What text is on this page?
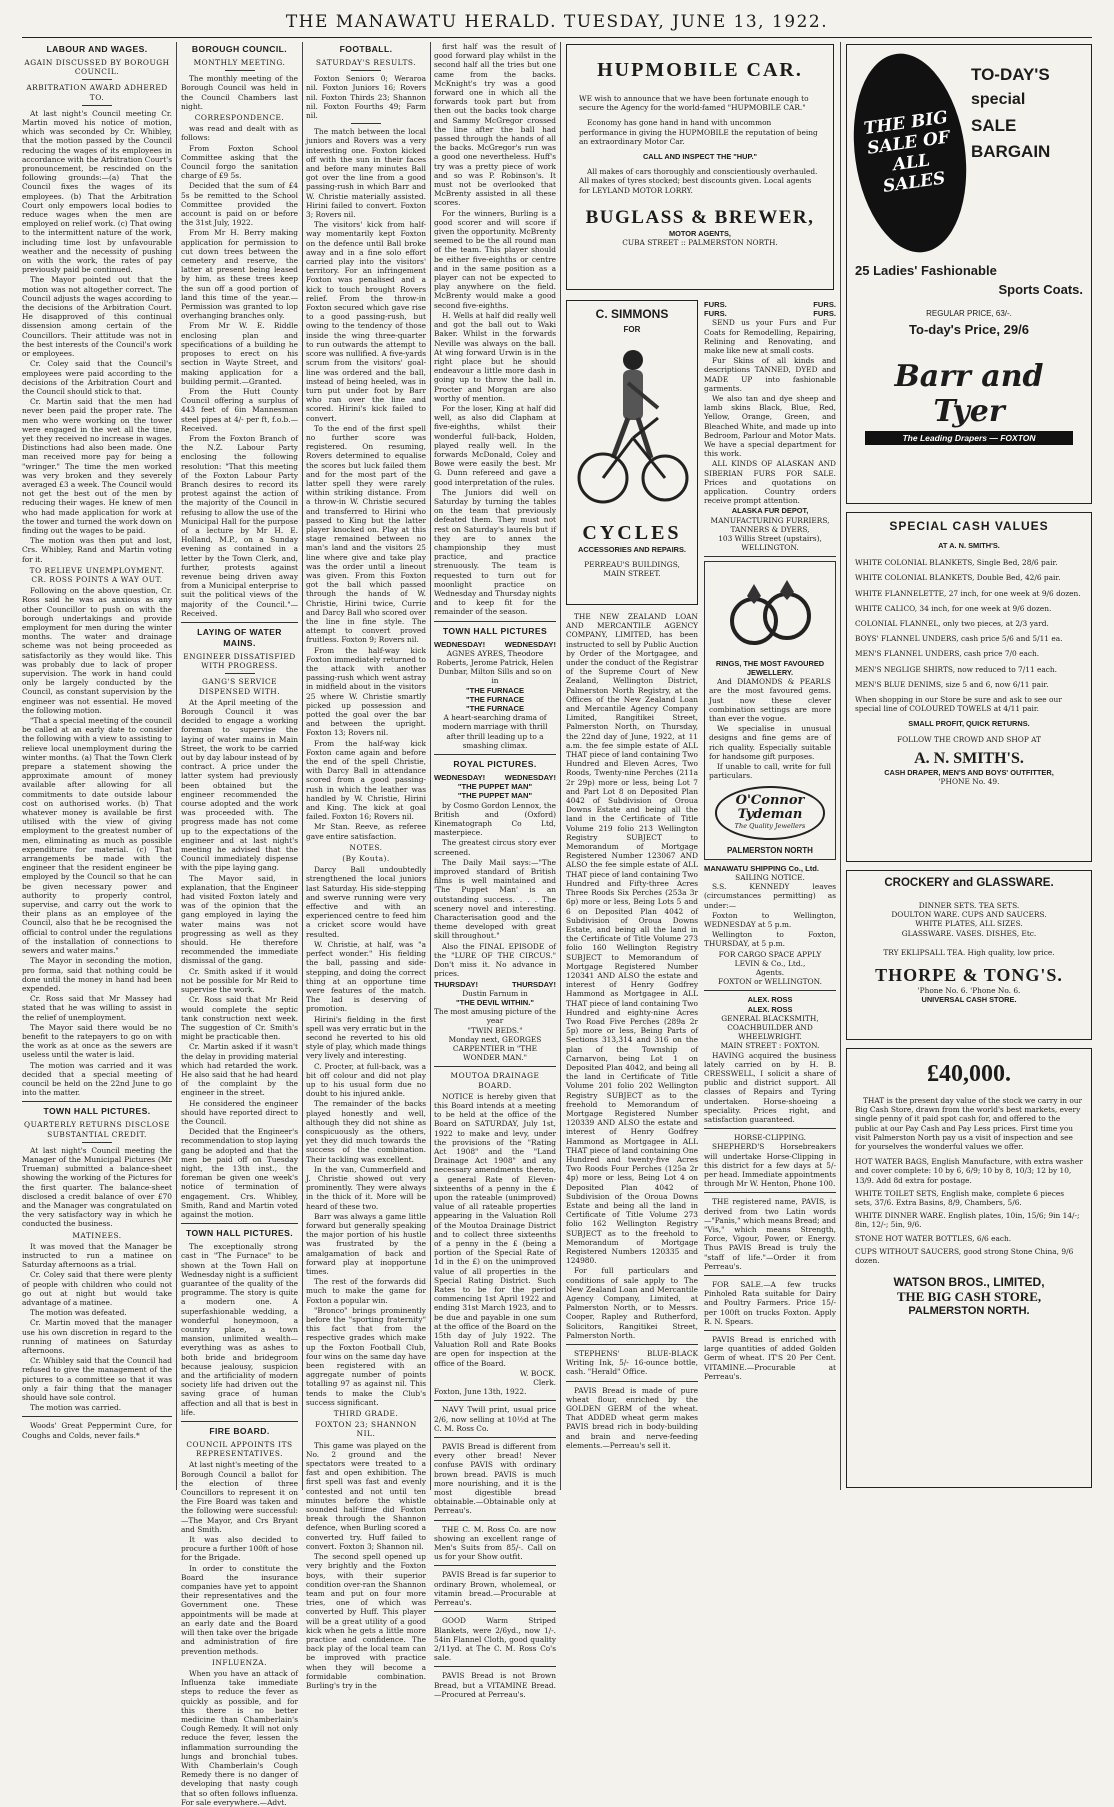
THE MANAWATU HERALD. TUESDAY, JUNE 13, 1922.
LABOUR AND WAGES.
AGAIN DISCUSSED BY BOROUGH COUNCIL.
ARBITRATION AWARD ADHERED TO.

At last night's Council meeting Cr. Martin moved his notice of motion, which was seconded by Cr. Whibley, that the motion passed by the Council reducing the wages of its employees in accordance with the Arbitration Court's pronouncement, be rescinded on the following grounds:—(a) That the Council fixes the wages of its employees. (b) That the Arbitration Court only empowers local bodies to reduce wages when the men are employed on relief work. (c) That owing to the intermittent nature of the work, including time lost by unfavourable weather and the necessity of pushing on with the work, the rates of pay previously paid be continued.

The Mayor pointed out that the motion was not altogether correct. The Council adjusts the wages according to the decisions of the Arbitration Court. He disapproved of this continual dissension among certain of the Councillors. Their attitude was not in the best interests of the Council's work or employees.

Cr. Coley said that the Council's employees were paid according to the decisions of the Arbitration Court and the Council should stick to that.

Cr. Martin said that the men had never been paid the proper rate. The men who were working on the tower were engaged in the wet all the time, yet they received no increase in wages. Distinctions had also been made. One man received more pay for being a "wringer." The time the men worked was very broken and they severely averaged £3 a week. The Council would not get the best out of the men by reducing their wages. He knew of men who had made application for work at the tower and turned the work down on finding out the wages to be paid.

The motion was then put and lost, Crs. Whibley, Rand and Martin voting for it.

TO RELIEVE UNEMPLOYMENT. CR. ROSS POINTS A WAY OUT.

Following on the above question, Cr. Ross said he was as anxious as any other Councillor to push on with the borough undertakings and provide employment for men during the winter months. The water and drainage scheme was not being proceeded as satisfactorily as they would like. This was probably due to lack of proper supervision. The work in hand could only be largely conducted by the Council, as constant supervision by the engineer was not essential. He moved the following motion.

"That a special meeting of the council be called at an early date to consider the following with a view to assisting to relieve local unemployment during the winter months. (a) That the Town Clerk prepare a statement showing the approximate amount of money available after allowing for all commitments to date outside labour cost on authorised works. (b) That whatever money is available be first utilised with the view of giving employment to the greatest number of men, eliminating as much as possible expenditure for material. (c) That arrangements be made with the engineer that the resident engineer be employed by the Council so that he can be given necessary power and authority to properly control, supervise, and carry out the work to their plans as an employee of the Council, also that he be recognised the official to control under the regulations of the installation of connections to sewers and water mains."

The Mayor in seconding the motion, pro forma, said that nothing could be done until the money in hand had been expended.

Cr. Ross said that Mr Massey had stated that he was willing to assist in the relief of unemployment.

The Mayor said there would be no benefit to the ratepayers to go on with the work as at once as the sewers are useless until the water is laid.

The motion was carried and it was decided that a special meeting of council be held on the 22nd June to go into the matter.

TOWN HALL PICTURES.
QUARTERLY RETURNS DISCLOSE SUBSTANTIAL CREDIT.

At last night's Council meeting the Manager of the Municipal Pictures (Mr Trueman) submitted a balance-sheet showing the working of the Pictures for the first quarter. The balance-sheet disclosed a credit balance of over £70 and the Manager was congratulated on the very satisfactory way in which he conducted the business.

MATINEES.

It was moved that the Manager be instructed to run a matinee on Saturday afternoons as a trial.

Cr. Coley said that there were plenty of people with children who could not go out at night but would take advantage of a matinee.

The motion was defeated.

Cr. Martin moved that the manager use his own discretion in regard to the running of matinees on Saturday afternoons.

Cr. Whibley said that the Council had refused to give the management of the pictures to a committee so that it was only a fair thing that the manager should have sole control.

The motion was carried.

Woods' Great Peppermint Cure, for Coughs and Colds, never fails.*

BOROUGH COUNCIL.
MONTHLY MEETING.

The monthly meeting of the Borough Council was held in the Council Chambers last night.

CORRESPONDENCE.

was read and dealt with as follows:

From Foxton School Committee asking that the Council forgo the sanitation charge of £9 5s.

Decided that the sum of £4 5s be remitted to the School Committee provided the account is paid on or before the 31st July, 1922.

From Mr H. Berry making application for permission to cut down trees between the cemetery and reserve, the latter at present being leased by him, as these trees keep the sun off a good portion of land this time of the year.—Permission was granted to lop overhanging branches only.

From Mr W. E. Riddle enclosing plan and specifications of a building he proposes to erect on his section in Wayte Street, and making application for a building permit.—Granted.

From the Hutt County Council offering a surplus of 443 feet of 6in Mannesman steel pipes at 4/- per ft, f.o.b.—Received.

From the Foxton Branch of the N.Z. Labour Party enclosing the following resolution: "That this meeting of the Foxton Labour Party Branch desires to record its protest against the action of the majority of the Council in refusing to allow the use of the Municipal Hall for the purpose of a lecture by Mr H. E. Holland, M.P., on a Sunday evening as contained in a letter by the Town Clerk, and, further, protests against revenue being driven away from a Municipal enterprise to suit the political views of the majority of the Council."—Received.

LAYING OF WATER MAINS.
ENGINEER DISSATISFIED WITH PROGRESS.
GANG'S SERVICE DISPENSED WITH.

At the April meeting of the Borough Council it was decided to engage a working foreman to supervise the laying of water mains in Main Street, the work to be carried out by day labour instead of by contract. A price under the latter system had previously been obtained but the engineer recommended the course adopted and the work was proceeded with. The progress made has not come up to the expectations of the engineer and at last night's meeting he advised that the Council immediately dispense with the pipe laying gang.

The Mayor said, in explanation, that the Engineer had visited Foxton lately and was of the opinion that the gang employed in laying the water mains was not progressing as well as they should. He therefore recommended the immediate dismissal of the gang.

Cr. Smith asked if it would not be possible for Mr Reid to supervise the work.

Cr. Ross said that Mr Reid would complete the septic tank construction next week. The suggestion of Cr. Smith's might be practicable then.

Cr. Martin asked if it wasn't the delay in providing material which had retarded the work. He also said that he had heard of the complaint by the engineer in the street.

He considered the engineer should have reported direct to the Council.

Decided that the Engineer's recommendation to stop laying gang be adopted and that the men be paid off on Tuesday night, the 13th inst., the foreman be given one week's notice of termination of engagement. Crs. Whibley, Smith, Rand and Martin voted against the motion.

TOWN HALL PICTURES.

The exceptionally strong cast in "The Furnace" to be shown at the Town Hall on Wednesday night is a sufficient guarantee of the quality of the programme. The story is quite a modern one. A superfashionable wedding, a wonderful honeymoon, a country place, a town mansion, unlimited wealth—everything was as ashes to both bride and bridegroom because jealousy, suspicion and the artificiality of modern society life had driven out the saving grace of human affection and all that is best in life.

FIRE BOARD.
COUNCIL APPOINTS ITS REPRESENTATIVES.

At last night's meeting of the Borough Council a ballot for the election of three Councillors to represent it on the Fire Board was taken and the following were successful:—The Mayor, and Crs Bryant and Smith.

It was also decided to procure a further 100ft of hose for the Brigade.

In order to constitute the Board the insurance companies have yet to appoint their representatives and the Government one. These appointments will be made at an early date and the Board will then take over the brigade and administration of fire prevention methods.

INFLUENZA.

When you have an attack of Influenza take immediate steps to reduce the fever as quickly as possible, and for this there is no better medicine than Chamberlain's Cough Remedy. It will not only reduce the fever, lessen the inflammation surrounding the lungs and bronchial tubes. With Chamberlain's Cough Remedy there is no danger of developing that nasty cough that so often follows influenza. For sale everywhere.—Advt.

FOOTBALL.
SATURDAY'S RESULTS.

Foxton Seniors 0; Weraroa nil. Foxton Juniors 16; Rovers nil. Foxton Thirds 23; Shannon nil. Foxton Fourths 49; Farm nil.

The match between the local juniors and Rovers was a very interesting one. Foxton kicked off with the sun in their faces and before many minutes Ball got over the line from a good passing-rush in which Barr and W. Christie materially assisted. Hirini failed to convert. Foxton 3; Rovers nil.

The visitors' kick from half-way momentarily kept Foxton on the defence until Ball broke away and in a fine solo effort carried play into the visitors' territory. For an infringement Foxton was penalised and a kick to touch brought Rovers relief. From the throw-in Foxton secured which gave rise to a good passing-rush, but owing to the tendency of those inside the wing three-quarter to run outwards the attempt to score was nullified. A five-yards scrum from the visitors' goal-line was ordered and the ball, instead of being heeled, was in turn put under foot by Barr who ran over the line and scored. Hirini's kick failed to convert.

To the end of the first spell no further score was registered. On resuming, Rovers determined to equalise the scores but luck failed them and for the most part of the latter spell they were rarely within striking distance. From a throw-in W. Christie secured and transferred to Hirini who passed to King but the latter player knocked on. Play at this stage remained between no man's land and the visitors 25 line where give and take play was the order until a lineout was given. From this Foxton got the ball which passed through the hands of W. Christie, Hirini twice, Currie and Darcy Ball who scored over the line in fine style. The attempt to convert proved fruitless. Foxton 9; Rovers nil.

From the half-way kick Foxton immediately returned to the attack with another passing-rush which went astray in midfield about in the visitors 25 where W. Christie smartly picked up possession and potted the goal over the bar and between the upright. Foxton 13; Rovers nil.

From the half-way kick Foxton came again and before the end of the spell Christie, with Darcy Ball in attendance scored from a good passing-rush in which the leather was handled by W. Christie, Hirini and King. The kick at goal failed. Foxton 16; Rovers nil.

Mr Stan. Reeve, as referee gave entire satisfaction.

NOTES.
(By Kouta).

Darcy Ball undoubtedly strengthened the local juniors last Saturday. His side-stepping and swerve running were very effective and with an experienced centre to feed him a cricket score would have resulted.

W. Christie, at half, was "a perfect wonder." His fielding the ball, passing and side-stepping, and doing the correct thing at an opportune time were features of the match. The lad is deserving of promotion.

Hirini's fielding in the first spell was very erratic but in the second he reverted to his old style of play, which made things very lively and interesting.

C. Procter, at full-back, was a bit off colour and did not play up to his usual form due no doubt to his injured ankle.

The remainder of the backs played honestly and well, although they did not shine as conspicuously as the others, yet they did much towards the success of the combination. Their tackling was excellent.

In the van, Cummerfield and J. Christie showed out very prominently. They were always in the thick of it. More will be heard of these two.

Barr was always a game little forward but generally speaking the major portion of his hustle was frustrated by the amalgamation of back and forward play at inopportune times.

The rest of the forwards did much to make the game for Foxton a popular win.

"Bronco" brings prominently before the "sporting fraternity" this fact that from the respective grades which make up the Foxton Football Club, four wins on the same day have been registered with an aggregate number of points totalling 97 as against nil. This tends to make the Club's success significant.

THIRD GRADE.
FOXTON 23; SHANNON NIL.

This game was played on the No. 2 ground and the spectators were treated to a fast and open exhibition. The first spell was fast and evenly contested and not until ten minutes before the whistle sounded half-time did Foxton break through the Shannon defence, when Burling scored a converted try. Huff failed to convert. Foxton 3; Shannon nil.

The second spell opened up very brightly and the Foxton boys, with their superior condition over-ran the Shannon team and put on four more tries, one of which was converted by Huff. This player will be a great utility of a good kick when he gets a little more practice and confidence. The back play of the local team can be improved with practice when they will become a formidable combination. Burling's try in the

first half was the result of good forward play whilst in the second half all the tries but one came from the backs. McKnight's try was a good forward one in which all the forwards took part but from then out the backs took charge and Sammy McGregor crossed the line after the ball had passed through the hands of all the backs. McGregor's run was a good one nevertheless. Huff's try was a pretty piece of work and so was P. Robinson's. It must not be overlooked that McBrenty assisted in all these scores.

For the winners, Burling is a good scorer and will score if given the opportunity. McBrenty seemed to be the all round man of the team. This player should be either five-eighths or centre and in the same position as a player can not be expected to play anywhere on the field. McBrenty would make a good second five-eighths.

H. Wells at half did really well and got the ball out to Waki Baker. Whilst in the forwards Neville was always on the ball. At wing forward Urwin is in the right place but he should endeavour a little more dash in going up to throw the ball in. Procter and Morgan are also worthy of mention.

For the loser, King at half did well, as also did Clapham at five-eighths, whilst their wonderful full-back, Holden, played really well. In the forwards McDonald, Coley and Bowe were easily the best. Mr G. Dunn refereed and gave a good interpretation of the rules.

The Juniors did well on Saturday by turning the tables on the team that previously defeated them. They must not rest on Saturday's laurels but if they are to annex the championship they must practice, and practice strenuously. The team is requested to turn out for moonlight practice on Wednesday and Thursday nights and to keep fit for the remainder of the season.

TOWN HALL PICTURES
WEDNESDAY!	WEDNESDAY!
AGNES AYRES, Theodore Roberts, Jerome Patrick, Helen Dunbar, Milton Sills and so on in
"THE FURNACE
"THE FURNACE
"THE FURNACE
A heart-searching drama of modern marriage with thrill after thrill leading up to a smashing climax.
ROYAL PICTURES.
WEDNESDAY!	WEDNESDAY!
"THE PUPPET MAN"
"THE PUPPET MAN"

by Cosmo Gordon Lennox, the British and (Oxford) Kinematograph Co Ltd, masterpiece.

The greatest circus story ever screened.

The Daily Mail says:—"The improved standard of British films is well maintained and 'The Puppet Man' is an outstanding success. . . . The scenery novel and interesting. Characterisation good and the theme developed with great skill throughout."

Also the FINAL EPISODE of the "LURE OF THE CIRCUS." Don't miss it. No advance in prices.

THURSDAY!	THURSDAY!
Dustin Farnum in
"THE DEVIL WITHIN."
The most amusing picture of the year
"TWIN BEDS."
Monday next, GEORGES CARPENTIER in "THE WONDER MAN."
MOUTOA DRAINAGE BOARD.

NOTICE is hereby given that this Board intends at a meeting to be held at the office of the Board on SATURDAY, July 1st, 1922 to make and levy, under the provisions of the "Rating Act 1908" and the "Land Drainage Act 1908" and any necessary amendments thereto, a general Rate of Eleven-sixteenths of a penny in the £ upon the rateable (unimproved) value of all rateable properties appearing in the Valuation Roll of the Moutoa Drainage District and to collect three sixteenths of a penny in the £ (being a portion of the Special Rate of 1d in the £) on the unimproved value of all properties in the Special Rating District. Such Rates to be for the period commencing 1st April 1922 and ending 31st March 1923, and to be due and payable in one sum at the office of the Board on the 15th day of July 1922. The Valuation Roll and Rate Books are open for inspection at the office of the Board.

W. BOCK.
Clerk.
Foxton, June 13th, 1922.

NAVY Twill print, usual price 2/6, now selling at 10½d at The C. M. Ross Co.

PAVIS Bread is different from every other bread! Never confuse PAVIS with ordinary brown bread. PAVIS is much more nourishing, and it is the most digestible bread obtainable.—Obtainable only at Perreau's.

THE C. M. Ross Co. are now showing an excellent range of Men's Suits from 85/-. Call on us for your Show outfit.

PAVIS Bread is far superior to ordinary Brown, wholemeal, or vitamin bread.—Procurable at Perreau's.

GOOD Warm Striped Blankets, were 2/6yd., now 1/-. 54in Flannel Cloth, good quality 2/11yd. at The C. M. Ross Co's sale.

PAVIS Bread is not Brown Bread, but a VITAMINE Bread.—Procured at Perreau's.

HUPMOBILE CAR.

WE wish to announce that we have been fortunate enough to secure the Agency for the world-famed "HUPMOBILE CAR."

Economy has gone hand in hand with uncommon performance in giving the HUPMOBILE the reputation of being an extraordinary Motor Car.

CALL AND INSPECT THE "HUP."

All makes of cars thoroughly and conscientiously overhauled. All makes of tyres stocked; best discounts given. Local agents for LEYLAND MOTOR LORRY.

BUGLASS & BREWER,
MOTOR AGENTS,
CUBA STREET :: PALMERSTON NORTH.
C. SIMMONS
FOR
CYCLES
ACCESSORIES AND REPAIRS.
PERREAU'S BUILDINGS, MAIN STREET.

THE NEW ZEALAND LOAN AND MERCANTILE AGENCY COMPANY, LIMITED, has been instructed to sell by Public Auction by Order of the Mortgagee, and under the conduct of the Registrar of the Supreme Court of New Zealand, Wellington District, Palmerston North Registry, at the Offices of the New Zealand Loan and Mercantile Agency Company Limited, Rangitikei Street, Palmerston North, on Thursday, the 22nd day of June, 1922, at 11 a.m. the fee simple estate of ALL THAT piece of land containing Two Hundred and Eleven Acres, Two Roods, Twenty-nine Perches (211a 2r 29p) more or less, being Lot 7 and Part Lot 8 on Deposited Plan 4042 of Subdivision of Oroua Downs Estate and being all the land in the Certificate of Title Volume 219 folio 213 Wellington Registry SUBJECT to Memorandum of Mortgage Registered Number 123067 AND ALSO the fee simple estate of ALL THAT piece of land containing Two Hundred and Fifty-three Acres Three Roods Six Perches (253a 3r 6p) more or less, Being Lots 5 and 6 on Deposited Plan 4042 of Subdivision of Oroua Downs Estate, and being all the land in the Certificate of Title Volume 273 folio 160 Wellington Registry SUBJECT to Memorandum of Mortgage Registered Number 120341 AND ALSO the estate and interest of Henry Godfrey Hammond as Mortgagee in ALL THAT piece of land containing Two Hundred and eighty-nine Acres Two Road Five Perches (289a 2r 5p) more or less, Being Parts of Sections 313,314 and 316 on the plan of the Township of Carnarvon, being Lot 1 on Deposited Plan 4042, and being all the land in Certificate of Title Volume 201 folio 202 Wellington Registry SUBJECT as to the freehold to Memorandum of Mortgage Registered Number 120339 AND ALSO the estate and interest of Henry Godfrey Hammond as Mortgagee in ALL THAT piece of land containing One Hundred and twenty-five Acres Two Roods Four Perches (125a 2r 4p) more or less, Being Lot 4 on Deposited Plan 4042 of Subdivision of the Oroua Downs Estate and being all the land in Certificate of Title Volume 273 folio 162 Wellington Registry SUBJECT as to the freehold to Memorandum of Mortgage Registered Numbers 120335 and 124980.

For full particulars and conditions of sale apply to The New Zealand Loan and Mercantile Agency Company, Limited, at Palmerston North, or to Messrs. Cooper, Rapley and Rutherford, Solicitors, Rangitikei Street, Palmerston North.

STEPHENS' BLUE-BLACK Writing Ink, 5/- 16-ounce bottle, cash. "Herald" Office.

PAVIS Bread is made of pure wheat flour, enriched by the GOLDEN GERM of the wheat. That ADDED wheat germ makes PAVIS bread rich in body-building and brain and nerve-feeding elements.—Perreau's sell it.

FURS.	FURS.
FURS.	FURS.

SEND us your Furs and Fur Coats for Remodelling, Repairing, Relining and Renovating, and make like new at small costs.

Fur Skins of all kinds and descriptions TANNED, DYED and MADE UP into fashionable garments.

We also tan and dye sheep and lamb skins Black, Blue, Red, Yellow, Orange, Green, and Bleached White, and made up into Bedroom, Parlour and Motor Mats. We have a special department for this work.

ALL KINDS OF ALASKAN AND SIBERIAN FURS FOR SALE. Prices and quotations on application. Country orders receive prompt attention.

ALASKA FUR DEPOT,
MANUFACTURING FURRIERS, TANNERS & DYERS,
103 Willis Street (upstairs), WELLINGTON.
RINGS, THE MOST FAVOURED JEWELLERY.

And DIAMONDS & PEARLS are the most favoured gems. Just now these clever combination settings are more than ever the vogue.

We specialise in unusual designs and fine gems are of rich quality. Especially suitable for handsome gift purposes.

If unable to call, write for full particulars.

O'Connor
Tydeman
The Quality Jewellers
PALMERSTON NORTH
MANAWATU SHIPPING Co., Ltd.
SAILING NOTICE.

S.S. KENNEDY leaves (circumstances permitting) as under:—

Foxton to Wellington, WEDNESDAY at 5 p.m.

Wellington to Foxton, THURSDAY, at 5 p.m.

FOR CARGO SPACE APPLY
LEVIN & Co., Ltd.,
Agents.
FOXTON or WELLINGTON.
ALEX. ROSS
ALEX. ROSS
GENERAL BLACKSMITH, COACHBUILDER AND WHEELWRIGHT.
MAIN STREET : FOXTON.

HAVING acquired the business lately carried on by H. B. CRESSWELL, I solicit a share of public and district support. All classes of Repairs and Tyring undertaken. Horse-shoeing a speciality. Prices right, and satisfaction guaranteed.

HORSE-CLIPPING.

SHEPHERD'S Horsebreakers will undertake Horse-Clipping in this district for a few days at 5/- per head. Immediate appointments through Mr W. Henton, Phone 100.

THE registered name, PAVIS, is derived from two Latin words—"Panis," which means Bread; and "Vis," which means Strength, Force, Vigour, Power, or Energy. Thus PAVIS Bread is truly the "staff of life."—Order it from Perreau's.

FOR SALE.—A few trucks Pinholed Rata suitable for Dairy and Poultry Farmers. Price 15/- per 100ft on trucks Foxton. Apply R. N. Spears.

PAVIS Bread is enriched with large quantities of added Golden Germ of wheat. IT'S 20 Per Cent. VITAMINE.—Procurable at Perreau's.

THE BIG SALE OF ALL SALES
TO-DAY'S
special
SALE
BARGAIN
25 Ladies' Fashionable
Sports Coats.
REGULAR PRICE, 63/-.
To-day's Price, 29/6
Barr and Tyer
The Leading Drapers — FOXTON
SPECIAL CASH VALUES
AT A. N. SMITH'S.
WHITE COLONIAL BLANKETS, Single Bed, 28/6 pair.
WHITE COLONIAL BLANKETS, Double Bed, 42/6 pair.
WHITE FLANNELETTE, 27 inch, for one week at 9/6 dozen.
WHITE CALICO, 34 inch, for one week at 9/6 dozen.
COLONIAL FLANNEL, only two pieces, at 2/3 yard.
BOYS' FLANNEL UNDERS, cash price 5/6 and 5/11 ea.
MEN'S FLANNEL UNDERS, cash price 7/0 each.
MEN'S NEGLIGE SHIRTS, now reduced to 7/11 each.
MEN'S BLUE DENIMS, size 5 and 6, now 6/11 pair.
When shopping in our Store be sure and ask to see our special line of COLOURED TOWELS at 4/11 pair.
SMALL PROFIT, QUICK RETURNS.
FOLLOW THE CROWD AND SHOP AT
A. N. SMITH'S.
CASH DRAPER, MEN'S AND BOYS' OUTFITTER,
'PHONE No. 49.
CROCKERY and GLASSWARE.
DINNER SETS. TEA SETS.
DOULTON WARE. CUPS AND SAUCERS.
WHITE PLATES, ALL SIZES.
GLASSWARE. VASES. DISHES, Etc.
TRY EKLIPSALL TEA. High quality, low price.
THORPE & TONG'S.
'Phone No. 6. 'Phone No. 6.
UNIVERSAL CASH STORE.
£40,000.

THAT is the present day value of the stock we carry in our Big Cash Store, drawn from the world's best markets, every single penny of it paid spot cash for, and offered to the public at our Pay Cash and Pay Less prices. First time you visit Palmerston North pay us a visit of inspection and see for yourselves the wonderful values we offer.

HOT WATER BAGS, English Manufacture, with extra washer and cover complete: 10 by 6, 6/9; 10 by 8, 10/3; 12 by 10, 13/9. Add 8d extra for postage.

WHITE TOILET SETS, English make, complete 6 pieces sets, 37/6. Extra Basins, 8/9, Chambers, 5/6.

WHITE DINNER WARE. English plates, 10in, 15/6; 9in 14/-; 8in, 12/-; 5in, 9/6.

STONE HOT WATER BOTTLES, 6/6 each.

CUPS WITHOUT SAUCERS, good strong Stone China, 9/6 dozen.

WATSON BROS., LIMITED,
THE BIG CASH STORE,
PALMERSTON NORTH.
